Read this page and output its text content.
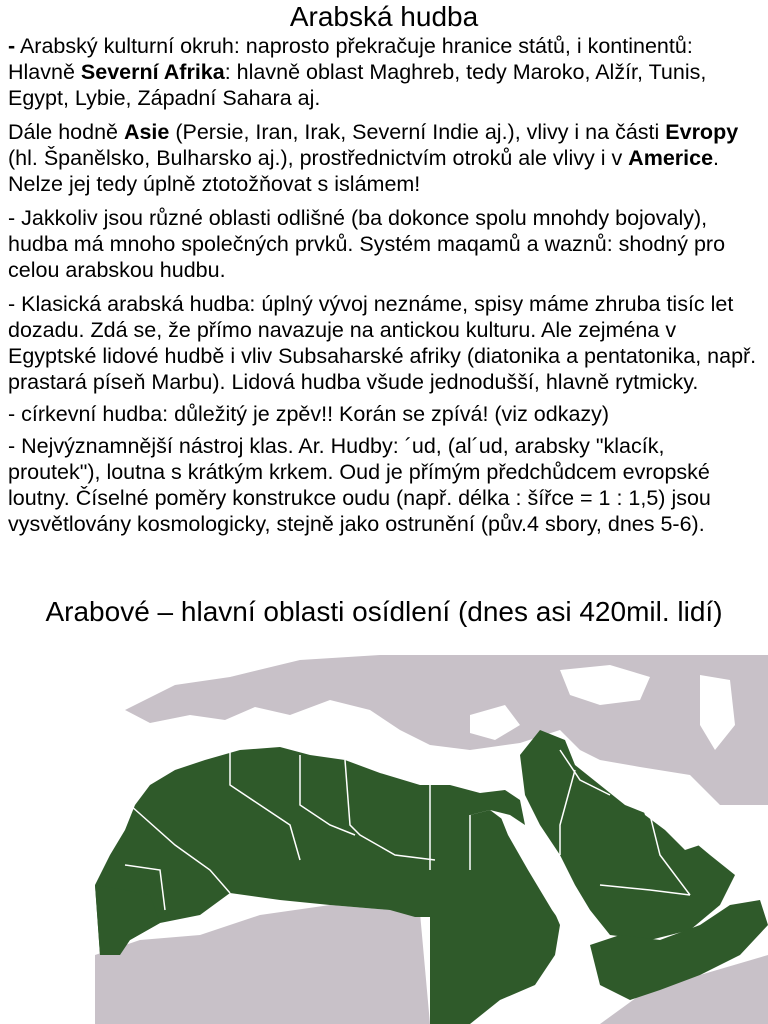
Arabská hudba

- Arabský kulturní okruh: naprosto překračuje hranice států, i kontinentů: Hlavně Severní Afrika: hlavně oblast Maghreb, tedy Maroko, Alžír, Tunis, Egypt, Lybie, Západní Sahara aj.

Dále hodně Asie (Persie, Iran, Irak, Severní Indie aj.), vlivy i na části Evropy (hl. Španělsko, Bulharsko aj.), prostřednictvím otroků ale vlivy i v Americe. Nelze jej tedy úplně ztotožňovat s islámem!

- Jakkoliv jsou různé oblasti odlišné (ba dokonce spolu mnohdy bojovaly), hudba má mnoho společných prvků. Systém maqamů a waznů: shodný pro celou arabskou hudbu.

- Klasická arabská hudba: úplný vývoj neznáme, spisy máme zhruba tisíc let dozadu. Zdá se, že přímo navazuje na antickou kulturu. Ale zejména v Egyptské lidové hudbě i vliv Subsaharské afriky (diatonika a pentatonika, např. prastará píseň Marbu). Lidová hudba všude jednodušší, hlavně rytmicky.

- církevní hudba: důležitý je zpěv!! Korán se zpívá! (viz odkazy)

- Nejvýznamnější nástroj klas. Ar. Hudby: ´ud, (al´ud, arabsky "klacík, proutek"), loutna s krátkým krkem. Oud je přímým předchůdcem evropské loutny. Číselné poměry konstrukce oudu (např. délka : šířce = 1 : 1,5) jsou vysvětlovány kosmologicky, stejně jako ostrunění (pův.4 sbory, dnes 5-6).

Arabové – hlavní oblasti osídlení (dnes asi 420mil. lidí)
